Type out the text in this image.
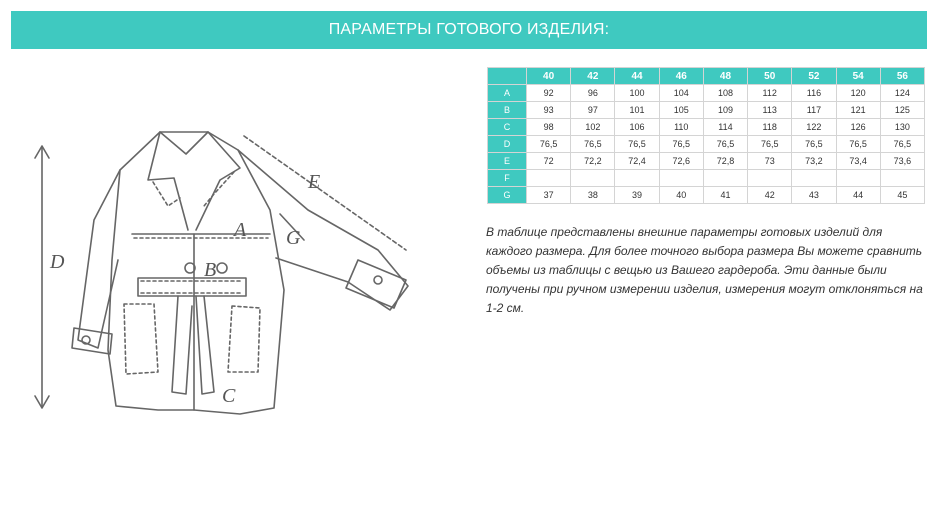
ПАРАМЕТРЫ ГОТОВОГО ИЗДЕЛИЯ:
D
E
G
A
B
C
	40	42	44	46	48	50	52	54	56
A	92	96	100	104	108	112	116	120	124
B	93	97	101	105	109	113	117	121	125
C	98	102	106	110	114	118	122	126	130
D	76,5	76,5	76,5	76,5	76,5	76,5	76,5	76,5	76,5
E	72	72,2	72,4	72,6	72,8	73	73,2	73,4	73,6
F									
G	37	38	39	40	41	42	43	44	45

В таблице представлены внешние параметры готовых изделий для каждого размера. Для более точного выбора размера Вы можете сравнить объемы из таблицы с вещью из Вашего гардероба. Эти данные были получены при ручном измерении изделия, измерения могут отклоняться на 1-2 см.
